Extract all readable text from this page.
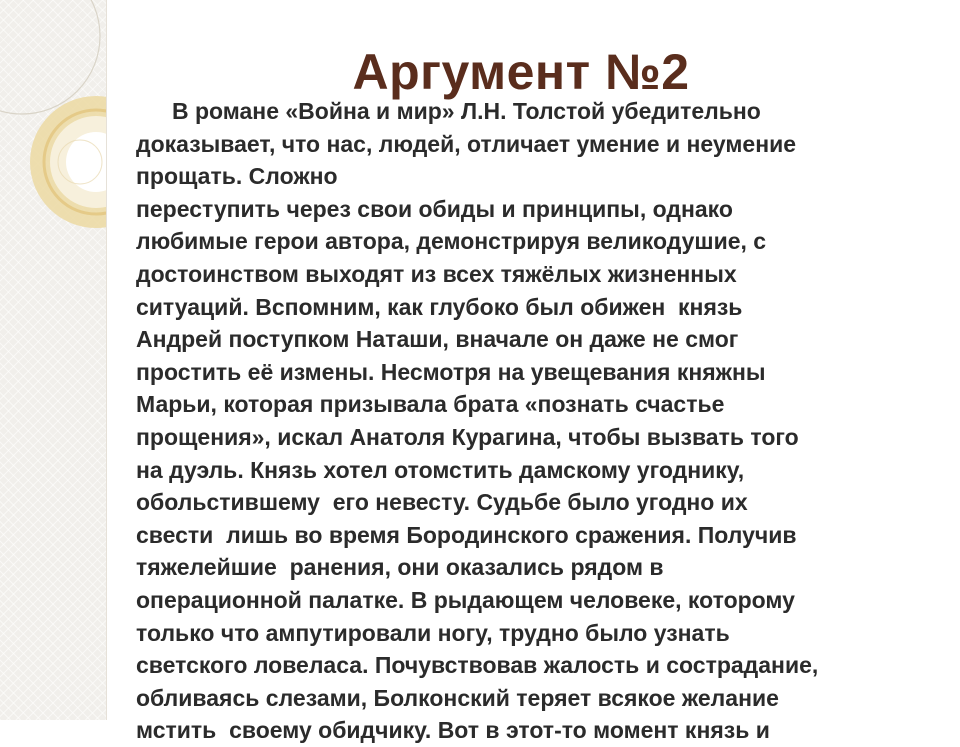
Аргумент №2
В романе «Война и мир» Л.Н. Толстой убедительно
доказывает, что нас, людей, отличает умение и неумение
прощать. Сложно
переступить через свои обиды и принципы, однако
любимые герои автора, демонстрируя великодушие, с
достоинством выходят из всех тяжёлых жизненных
ситуаций. Вспомним, как глубоко был обижен  князь
Андрей поступком Наташи, вначале он даже не смог
простить её измены. Несмотря на увещевания княжны
Марьи, которая призывала брата «познать счастье
прощения», искал Анатоля Курагина, чтобы вызвать того
на дуэль. Князь хотел отомстить дамскому угоднику,
обольстившему  его невесту. Судьбе было угодно их
свести  лишь во время Бородинского сражения. Получив
тяжелейшие  ранения, они оказались рядом в
операционной палатке. В рыдающем человеке, которому
только что ампутировали ногу, трудно было узнать
светского ловеласа. Почувствовав жалость и сострадание,
обливаясь слезами, Болконский теряет всякое желание
мстить  своему обидчику. Вот в этот-то момент князь и
